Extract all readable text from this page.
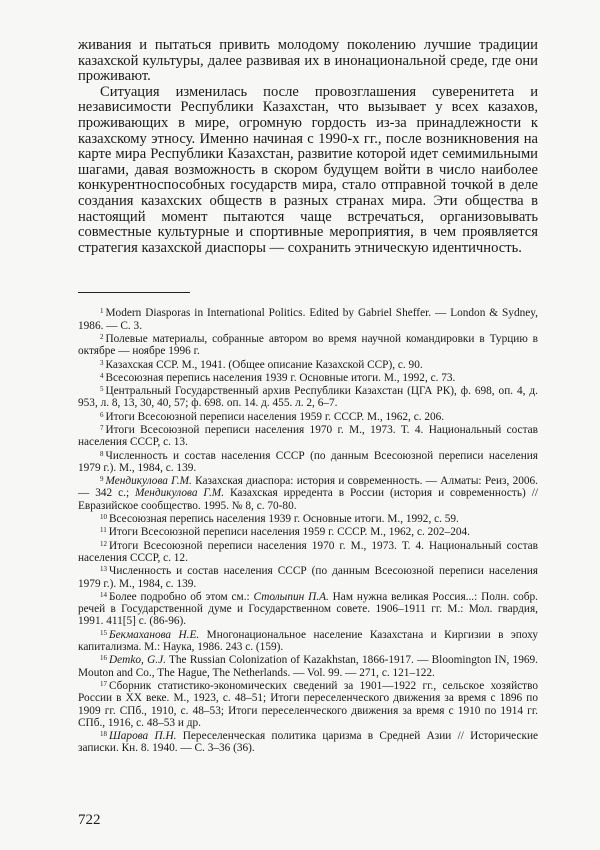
живания и пытаться привить молодому поколению лучшие традиции казахской культуры, далее развивая их в инонациональной среде, где они проживают.

Ситуация изменилась после провозглашения суверенитета и независимости Республики Казахстан, что вызывает у всех казахов, проживающих в мире, огромную гордость из-за принадлежности к казахскому этносу. Именно начиная с 1990-х гг., после возникновения на карте мира Республики Казахстан, развитие которой идет семимильными шагами, давая возможность в скором будущем войти в число наиболее конкурентноспособных государств мира, стало отправной точкой в деле создания казахских обществ в разных странах мира. Эти общества в настоящий момент пытаются чаще встречаться, организовывать совместные культурные и спортивные мероприятия, в чем проявляется стратегия казахской диаспоры — сохранить этническую идентичность.

$^1$ Modern Diasporas in International Politics. Edited by Gabriel Sheffer. — London & Sydney, 1986. — С. 3.

$^2$ Полевые материалы, собранные автором во время научной командировки в Турцию в октябре — ноябре 1996 г.

$^3$ Казахская ССР. М., 1941. (Общее описание Казахской ССР), с. 90.

$^4$ Всесоюзная перепись населения 1939 г. Основные итоги. М., 1992, с. 73.

$^5$ Центральный Государственный архив Республики Казахстан (ЦГА РК), ф. 698, оп. 4, д. 953, л. 8, 13, 30, 40, 57; ф. 698. оп. 14. д. 455. л. 2, 6–7.

$^6$ Итоги Всесоюзной переписи населения 1959 г. СССР. М., 1962, с. 206.

$^7$ Итоги Всесоюзной переписи населения 1970 г. М., 1973. Т. 4. Национальный состав населения СССР, с. 13.

$^8$ Численность и состав населения СССР (по данным Всесоюзной переписи населения 1979 г.). М., 1984, с. 139.

$^9$ Мендикулова Г.М. Казахская диаспора: история и современность. — Алматы: Реиз, 2006. — 342 с.; Мендикулова Г.М. Казахская ирредента в России (история и современность) // Евразийское сообщество. 1995. № 8, с. 70-80.

$^{10}$ Всесоюзная перепись населения 1939 г. Основные итоги. М., 1992, с. 59.

$^{11}$ Итоги Всесоюзной переписи населения 1959 г. СССР. М., 1962, с. 202–204.

$^{12}$ Итоги Всесоюзной переписи населения 1970 г. М., 1973. Т. 4. Национальный состав населения СССР, с. 12.

$^{13}$ Численность и состав населения СССР (по данным Всесоюзной переписи населения 1979 г.). М., 1984, с. 139.

$^{14}$ Более подробно об этом см.: Столыпин П.А. Нам нужна великая Россия...: Полн. собр. речей в Государственной думе и Государственном совете. 1906–1911 гг. М.: Мол. гвардия, 1991. 411[5] с. (86-96).

$^{15}$ Бекмаханова Н.Е. Многонациональное население Казахстана и Киргизии в эпоху капитализма. М.: Наука, 1986. 243 с. (159).

$^{16}$ Demko, G.J. The Russian Colonization of Kazakhstan, 1866-1917. — Bloomington IN, 1969. Mouton and Co., The Hague, The Netherlands. — Vol. 99. — 271, с. 121–122.

$^{17}$ Сборник статистико-экономических сведений за 1901—1922 гг., сельское хозяйство России в XX веке. М., 1923, с. 48–51; Итоги переселенческого движения за время с 1896 по 1909 гг. СПб., 1910, с. 48–53; Итоги переселенческого движения за время с 1910 по 1914 гг. СПб., 1916, с. 48–53 и др.

$^{18}$ Шарова П.Н. Переселенческая политика царизма в Средней Азии // Исторические записки. Кн. 8. 1940. — С. 3–36 (36).

722
